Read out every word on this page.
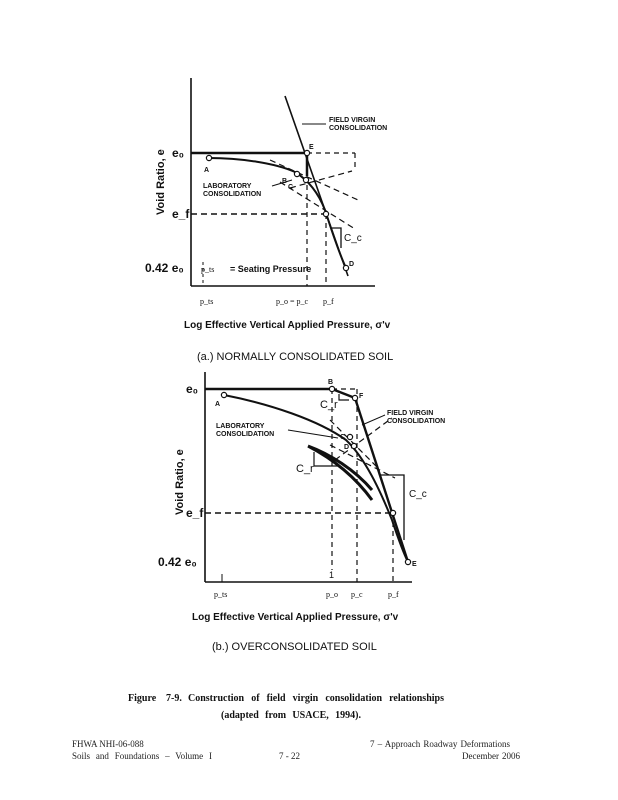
Void Ratio, e e₀
e_f
0.42 e₀ p_ts = Seating Pressure
FIELD VIRGIN
CONSOLIDATION
LABORATORY
CONSOLIDATION
C_c
A
E
B
C
D
p_ts	p_o = p_c p_f
Log Effective Vertical Applied Pressure, σ'v
(a.) NORMALLY CONSOLIDATED SOIL
Void Ratio, e
e₀
e_f
0.42 e₀
FIELD VIRGIN
CONSOLIDATION
LABORATORY
CONSOLIDATION
C_r
C_r
C_c
A
B
F
C
D
E
1
p_ts	p_o p_c	p_f
Log Effective Vertical Applied Pressure, σ'v
(b.) OVERCONSOLIDATED SOIL
Figure 7-9. Construction of field virgin consolidation relationships
(adapted from USACE, 1994).
FHWA NHI-06-088
Soils and Foundations – Volume I	7 - 22
7 – Approach Roadway Deformations
December 2006
